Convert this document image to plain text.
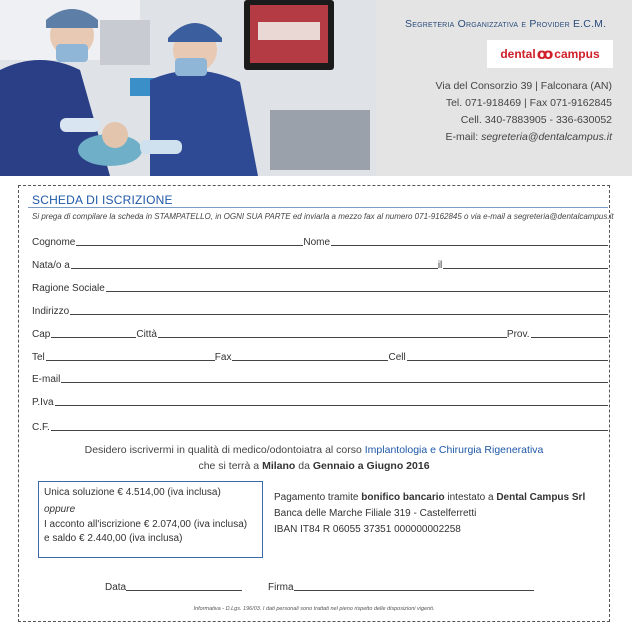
Segreteria Organizzativa e Provider E.C.M.
dental ꝏ campus
Via del Consorzio 39 | Falconara (AN)
Tel. 071-918469 | Fax 071-9162845
Cell. 340-7883905 - 336-630052
E-mail: segreteria@dentalcampus.it
SCHEDA DI ISCRIZIONE
Si prega di compilare la scheda in STAMPATELLO, in OGNI SUA PARTE ed inviarla a mezzo fax al numero 071-9162845 o via e-mail a segreteria@dentalcampus.it
Cognome	Nome
Nata/o a	il
Ragione Sociale
Indirizzo
Cap	Città	Prov.
Tel	Fax	Cell
E-mail
P.Iva
C.F.
Desidero iscrivermi in qualità di medico/odontoiatra al corso Implantologia e Chirurgia Rigenerativa
che si terrà a Milano da Gennaio a Giugno 2016
Unica soluzione € 4.514,00 (iva inclusa)
oppure
I acconto all'iscrizione € 2.074,00 (iva inclusa)
e saldo € 2.440,00 (iva inclusa)
Pagamento tramite bonifico bancario intestato a Dental Campus Srl
Banca delle Marche Filiale 319 - Castelferretti
IBAN IT84 R 06055 37351 000000002258
Data	Firma
Informativa - D.Lgs. 196/03. I dati personali sono trattati nel pieno rispetto delle disposizioni vigenti.
